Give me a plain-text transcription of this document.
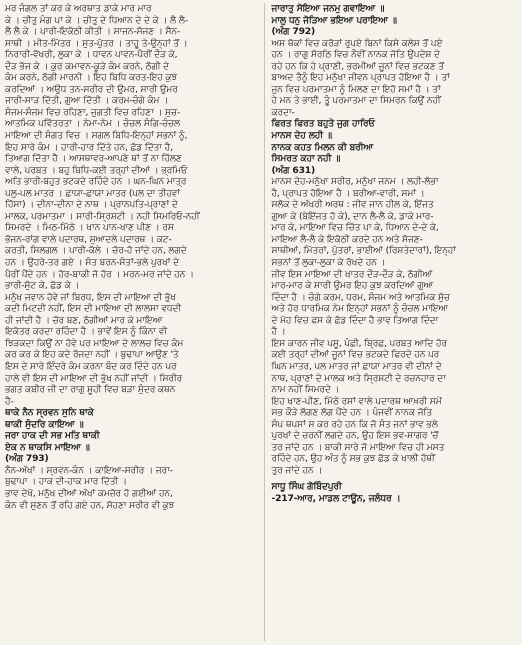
ਮਰ ਜੰਗਲ ਤਾਂ ਕਰ ਕੇ ਅਰਥਾਤ ਡਾਕੇ ਮਾਰ ਮਾਰ
ਕੇ । ਚੀਤੁ ਮੰਗ ਪਾ ਕੇ । ਚੀਤੁ ਦੇ ਧਿਆਨ ਦੇ ਦੇ ਕੇ । ਲੈ ਲੈ-
ਲੈ ਲੈ ਕੇ । ਪਾਰੀ-ਇਕੱਠੀ ਕੀਤੀ । ਸਾਜਨ-ਸੱਜਣ । ਸੈਨ-
ਸਾਥੀ । ਮੀਤ-ਮਿੱਤਰ । ਸੁਤ-ਪੁੱਤਰ । ਤਾਹੂ ਤੇ-ਉਨ੍ਹਾਂ ਤੋਂ ।
ਨਿਰਾਰੀ-ਵੱਖਰੀ, ਲੁਕਾ ਕੇ । ਧਾਵਨ ਪਾਵਨ-ਪੈਰੀਂ ਦੌੜ ਕੇ,
ਦੌੜ ਭੱਜ ਕੇ । ਕੁਰ ਕਮਾਵਨ-ਕੂੜੇ ਕੰਮ ਕਰਨੇ, ਠੱਗੀ ਦੇ
ਕੰਮ ਕਰਨੇ, ਠੱਗੀ ਮਾਰਨੀ । ਇਹ ਬਿਧਿ ਕਰਤ-ਇਹ ਕੁਝ
ਕਰਦਿਆਂ । ਅਉਧ ਤਨ-ਸਰੀਰ ਦੀ ਉਮਰ, ਸਾਰੀ ਉਮਰ
ਜਾਰੀ-ਸਾੜ ਦਿੱਤੀ, ਗੁਆ ਦਿੱਤੀ । ਕਰਮ-ਚੰਗੇ ਕੰਮ ।
ਸੰਜਮ-ਸੰਜਮ ਵਿਚ ਰਹਿਣਾ, ਜੁਗਤੀ ਵਿਚ ਰਹਿਣਾ । ਸੁਚ-
ਆਤਮਿਕ ਪਵਿੱਤਰਤਾ । ਨੇਮਾ-ਨੇਮ । ਚੰਚਲ ਸੰਗਿ-ਚੰਚਲ
ਮਾਇਆ ਦੀ ਸੰਗਤ ਵਿਚ । ਸਗਲ ਬਿਧਿ-ਇਨ੍ਹਾਂ ਸਭਨਾਂ ਨੂੰ,
ਇਹ ਸਾਰੇ ਕੰਮ । ਹਾਰੀ-ਹਾਰ ਦਿੱਤੇ ਹਨ, ਛੱਡ ਦਿੱਤਾ ਹੈ,
ਤਿਆਗ ਦਿੱਤਾ ਹੈ । ਆਸਥਾਵਰ-ਆਪਣੇ ਥਾਂ ਤੋਂ ਨਾ ਹਿੱਲਣ
ਵਾਲੇ, ਪਰਬਤ । ਬਹੁ ਬਿਧਿ-ਕਈ ਤਰ੍ਹਾਂ ਦੀਆਂ । ਭ੍ਰਮਿਓ
ਅਤਿ ਭਾਰੀ-ਬਹੁਤ ਭਟਕਦੇ ਰਹਿੰਦੇ ਹਨ । ਘਨ-ਘਿਨ ਮਾਤ੍ਰ
ਪਲੁ-ਪਲ ਮਾਤਰ । ਛਾਯਾ-ਛਾਯਾ ਮਾਤਰ (ਪਲ ਦਾ ਤੀਹਵਾਂ
ਹਿੱਸਾ) । ਦੀਨਾ-ਦੀਨਾ ਦੇ ਨਾਥ । ਪ੍ਰਾਨਪਤਿ-ਪ੍ਰਾਣਾਂ ਦੇ
ਮਾਲਕ, ਪਰਮਾਤਮਾ । ਸਾਰੀ-ਸ੍ਰਿਸ਼ਟੀ । ਨਹੀ ਸਿਮਰਿਓ-ਨਹੀਂ
ਸਿਮਰਦੇ । ਮਿਠ-ਮਿੱਠੇ । ਖਾਨ ਪਾਨ-ਖਾਣ ਪੀਣ । ਰਸ
ਭੋਜਨ-ਰਾਂਗ ਵਾਲੇ ਪਦਾਰਥ, ਸੁਆਦਲੇ ਪਦਾਰਥ । ਕਟ-
ਕਰਤੀ, ਸਿਲਗਲ । ਪਾਰੀ-ਕੱਲੇ । ਚੋਰ-ਹੋ ਜਾਂਦੇ ਹਨ, ਲਗਦੇ
ਹਨ । ਉਹਰੇ-ਤਰ ਗਏ । ਸੰਤ ਬਰਨ-ਸੰਤਾਂ-ਭਲੇ ਪੁਰਖਾਂ ਦੇ
ਪੈਰੀਂ ਪੈਂਦੇ ਹਨ । ਹੋਰ-ਬਾਕੀ ਜੋ ਹੋਰ । ਮਰਨ-ਮਰ ਜਾਂਦੇ ਹਨ ।
ਭਾਰੀ-ਸੁੱਟ ਕੇ, ਛੱਡ ਕੇ ।
ਮਨੁੱਖ ਜਵਾਨ ਹੋਵੇ ਜਾਂ ਬਿਰਧ, ਇਸ ਦੀ ਮਾਇਆ ਦੀ ਭੁੱਖ
ਕਦੀ ਮਿਟਦੀ ਨਹੀਂ, ਇਸ ਦੀ ਮਾਇਆ ਦੀ ਲਾਲਸਾ ਵਧਦੀ
ਹੀ ਜਾਂਦੀ ਹੈ । ਚੋਰ ਬਣ, ਠੱਗੀਆਂ ਮਾਰ ਕੇ ਮਾਇਆ
ਇਕੱਤਰ ਕਰਦਾ ਰਹਿੰਦਾ ਹੈ । ਭਾਵੇਂ ਇਸ ਨੂੰ ਕਿੰਨਾ ਵੀ
ਝਿੜਕਦਾ ਕਿਉਂ ਨਾ ਹੋਵੇ ਪਰ ਮਾਇਆ ਦੇ ਲਾਲਚ ਵਿਚ ਕੰਮ
ਕਰ ਕਰ ਕੇ ਇਹ ਕਦੇ ਰੱਜਦਾ ਨਹੀਂ । ਬੁਢਾਪਾ ਆਉਣ 'ਤੇ
ਇਸ ਦੇ ਸਾਰੇ ਇੰਦਰੇ ਕੰਮ ਕਰਨਾ ਬੰਦ ਕਰ ਦਿੰਦੇ ਹਨ ਪਰ
ਹਾਲੇ ਵੀ ਇਸ ਦੀ ਮਾਇਆ ਦੀ ਭੁੱਖ ਨਹੀਂ ਜਾਂਦੀ । ਸਿਰੀਰ
ਭਗਤ ਕਬੀਰ ਜੀ ਦਾ ਰਾਗੁ ਸੂਹੀ ਵਿਚ ਬੜਾ ਸੁੰਦਰ ਕਥਨ
ਹੈ-
ਥਾਕੇ ਨੈਨ ਸ੍ਰਵਨ ਸੁਨਿ ਥਾਕੇ
ਥਾਕੀ ਸੁੰਦਰਿ ਕਾਇਆ ॥
ਜਰਾ ਹਾਕ ਦੀ ਸਭ ਮਤਿ ਥਾਕੀ
ਏਕ ਨ ਥਾਕਸਿ ਮਾਇਆ ॥
(ਅੰਗ 793)
ਨੈਨ-ਅੱਖਾਂ । ਸ੍ਰਵਨ-ਕੰਨ । ਕਾਇਆ-ਸਰੀਰ । ਜਰਾ-
ਬੁਢਾਪਾ । ਹਾਕ ਦੀ-ਹਾਕ ਮਾਰ ਦਿੱਤੀ ।
ਭਾਵ ਦੇਖੋ, ਮਨੁੱਖ ਦੀਆਂ ਅੱਖਾਂ ਕਮਜ਼ੋਰ ਹੋ ਗਈਆਂ ਹਨ,
ਕੰਨ ਵੀ ਸੁਣਨ ਤੋਂ ਰਹਿ ਗਏ ਹਨ, ਸੋਹਣਾ ਸਰੀਰ ਵੀ ਕੁਝ
ਜਾਰਾਤੁ ਸੋਇਆ ਜਨਮੁ ਗਵਾਇਆ ॥
ਮਾਲੁ ਧਨੁ ਜੋੜਿਆ ਭਇਆ ਪਰਾਇਆ ॥
(ਅੰਗ 792)
ਅਸ ਥੋਕਾਂ ਵਿਚ ਕਰੋੜਾਂ ਰੁਪਏ ਬਿਨਾਂ ਕਿਸੇ ਕਲੇਸ਼ ਤੋਂ ਪਏ
ਹਨ । ਰਾਗੁ ਸੋਰਠਿ ਵਿਚ ਨੌਵੀਂ ਨਾਨਕ ਜੋਤਿ ਉਪਦੇਸ਼ ਦੇ
ਰਹੇ ਹਨ ਕਿ ਹੇ ਪ੍ਰਾਣੀ, ਭਰਮੀਆਂ ਜੂਨਾਂ ਵਿਚ ਭਟਕਣ ਤੋਂ
ਬਾਅਦ ਤੈਨੂੰ ਇਹ ਮਨੁੱਖਾ ਜੀਵਨ ਪ੍ਰਾਪਤ ਹੋਇਆ ਹੈ । ਤਾਂ
ਜੁਨ ਵਿਚ ਪਰਮਾਤਮਾ ਨੂੰ ਮਿਲਣ ਦਾ ਇਹੋ ਸਮਾਂ ਹੈ । ਤਾਂ
ਹੇ ਮਨ ਤੇ ਭਾਈ, ਤੂੰ ਪਰਮਾਤਮਾ ਦਾ ਸਿਮਰਨ ਕਿਉਂ ਨਹੀਂ
ਕਰਦਾ-
ਫਿਰਤ ਫਿਰਤ ਬਹੁਤੇ ਜੁਗ ਹਾਰਿਓ
ਮਾਨਸ ਦੇਹ ਲਹੀ ॥
ਨਾਨਕ ਕਹਤ ਮਿਲਨ ਕੀ ਬਰੀਆ
ਸਿਮਰਤ ਕਹਾ ਨਹੀ ॥
(ਅੰਗ 631)
ਮਾਨਸ ਦੇਹ-ਮਨੁੱਖਾ ਸਰੀਰ, ਮਨੁੱਖਾ ਜਨਮ । ਲਹੀ-ਲੱਭਾ
ਹੈ, ਪ੍ਰਾਪਤ ਹੋਇਆ ਹੈ । ਬਰੀਆ-ਵਾਰੀ, ਸਮਾਂ ।
ਸਲੋਕ ਦੇ ਅੱਖਰੀ ਅਰਥ : ਜੀਵ ਜਾਨ ਹੀਲ ਕੇ, ਇੱਜਤ
ਗੁਆ ਕੇ (ਬੇਇੱਜਤ ਹੋ ਕੇ), ਦਾਨ ਲੈ-ਲੈ ਕੇ, ਡਾਕੇ ਮਾਰ-
ਮਾਰ ਕੇ, ਮਾਇਆ ਵਿਚ ਚਿੱਤ ਪਾ ਕੇ, ਧਿਆਨ ਦੇ-ਦੇ ਕੇ,
ਮਾਇਆ ਲੈ-ਲੈ ਕੇ ਇਕੱਠੀ ਕਰਦੇ ਹਨ ਅਤੇ ਸੱਜਣ-
ਸਾਥੀਆਂ, ਮਿੱਤਰਾਂ, ਪੁੱਤਰਾਂ, ਭਾਈਆਂ (ਰਿਸ਼ਤੇਦਾਰਾਂ), ਇਨ੍ਹਾਂ
ਸਭਨਾਂ ਤੋਂ ਲੁਕਾ-ਲੁਕਾ ਕੇ ਰੱਖਦੇ ਹਨ ।
ਜੀਵ ਇਸ ਮਾਇਆ ਦੀ ਖਾਤਰ ਦੌੜ-ਦੌੜ ਕੇ, ਠੱਗੀਆਂ
ਮਾਰ-ਮਾਰ ਕੇ ਸਾਰੀ ਉਮਰ ਇਹ ਕੁਝ ਕਰਦਿਆਂ ਗੁਆ
ਦਿੰਦਾ ਹੈ । ਚੰਗੇ ਕਰਮ, ਧਰਮ, ਸੰਜਮ ਅਤੇ ਆਤਮਿਕ ਸੁੱਚ
ਅਤੇ ਹੋਰ ਧਾਰਮਿਕ ਨੇਮ ਇਨ੍ਹਾਂ ਸਭਨਾਂ ਨੂੰ ਚੰਚਲ ਮਾਇਆ
ਦੇ ਮੋਹ ਵਿਚ ਫਸ ਕੇ ਛੱਡ ਦਿੰਦਾ ਹੈ ਭਾਵ ਤਿਆਗ ਦਿੰਦਾ
ਹੈ ।
ਇਸ ਕਾਰਨ ਜੀਵ ਪਸੂ, ਪੰਛੀ, ਬ੍ਰਿਛ, ਪਰਬਤ ਆਦਿ ਹੋਰ
ਕਈ ਤਰ੍ਹਾਂ ਦੀਆਂ ਜੂਨਾਂ ਵਿਚ ਭਟਕਦੇ ਫਿਰਦੇ ਹਨ ਪਰ
ਘਿਨ ਮਾਤਰ, ਪਲ ਮਾਤਰ ਜਾਂ ਛਾਯਾ ਮਾਤਰ ਵੀ ਦੀਨਾਂ ਦੇ
ਨਾਥ, ਪ੍ਰਾਣਾਂ ਦੇ ਮਾਲਕ ਅਤੇ ਸ੍ਰਿਸ਼ਟੀ ਦੇ ਰਚਨਹਾਰ ਦਾ
ਨਾਮ ਨਹੀਂ ਸਿਮਰਦੇ ।
ਇਹ ਖਾਣ-ਪੀਣ, ਮਿੱਠੇ ਰਸਾਂ ਵਾਲੇ ਪਦਾਰਥ ਆਖ਼ਰੀ ਸਮੇਂ
ਸਭ ਕੌੜੇ ਲੱਗਣ ਲੱਗ ਪੈਂਦੇ ਹਨ । ਪੰਜਵੀਂ ਨਾਨਕ ਜੋਤਿ
ਸੰਪ ਥਪਸਾਂ ਸ ਕਰ ਰਹੇ ਹਨ ਕਿ ਜੋ ਸੰਤ ਜਨਾਂ ਭਾਵ ਭਲੇ
ਪੁਰਖਾਂ ਦੇ ਚਰਨੀਂ ਲਗਦੇ ਹਨ, ਉਹ ਇਸ ਭਵ-ਸਾਗਰ 'ਚੋਂ
ਤਰ ਜਾਂਦੇ ਹਨ । ਬਾਕੀ ਸਾਰੇ ਜੋ ਮਾਇਆ ਵਿਚ ਹੀ ਮਸਤ
ਰਹਿੰਦੇ ਹਨ, ਉਹ ਅੰਤ ਨੂੰ ਸਭ ਕੁਝ ਛੱਡ ਕੇ ਖਾਲੀ ਹੱਥੀਂ
ਤੁਰ ਜਾਂਦੇ ਹਨ ।
ਸਾਧੂ ਸਿੰਘ ਗੋਬਿੰਦਪੁਰੀ
-217-ਆਰ, ਮਾਡਲ ਟਾਊਨ, ਜਲੰਧਰ ।
